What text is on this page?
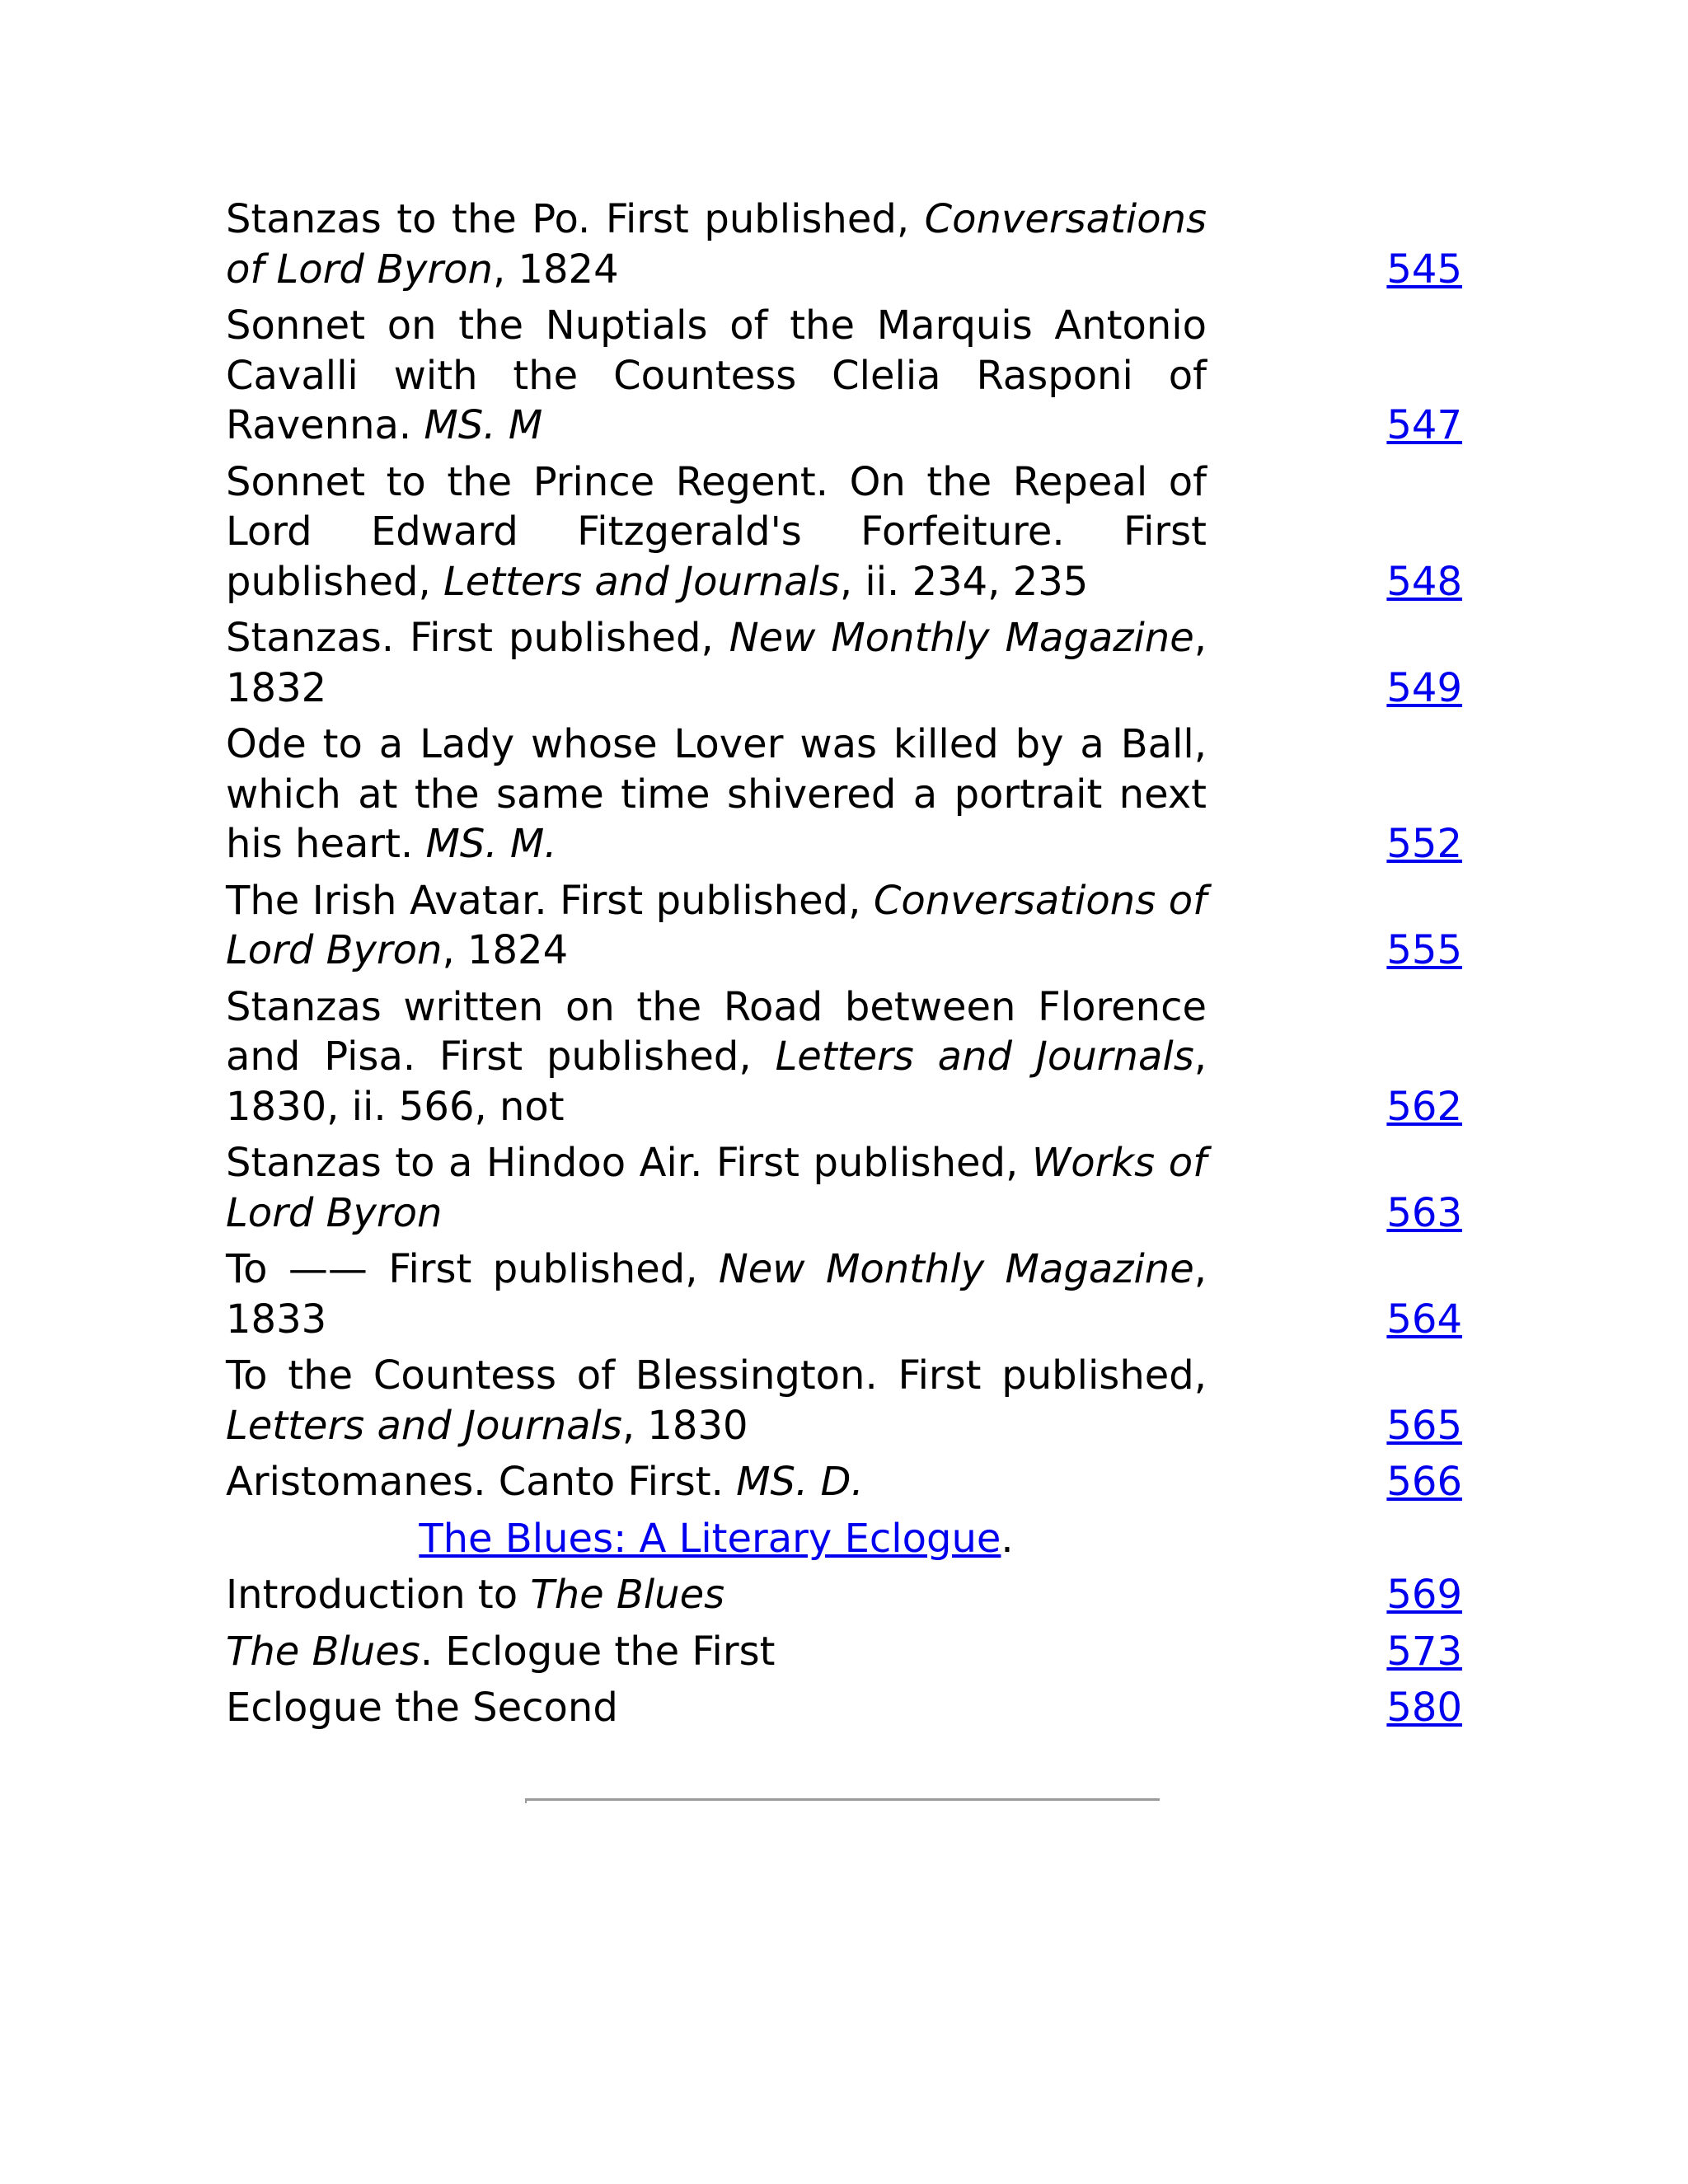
Stanzas to the Po. First published, Conversations of Lord Byron, 1824	545
Sonnet on the Nuptials of the Marquis Antonio Cavalli with the Countess Clelia Rasponi of Ravenna. MS. M	547
Sonnet to the Prince Regent. On the Repeal of Lord Edward Fitzgerald's Forfeiture. First published, Letters and Journals, ii. 234, 235	548
Stanzas. First published, New Monthly Magazine, 1832	549
Ode to a Lady whose Lover was killed by a Ball, which at the same time shivered a portrait next his heart. MS. M.	552
The Irish Avatar. First published, Conversations of Lord Byron, 1824	555
Stanzas written on the Road between Florence and Pisa. First published, Letters and Journals, 1830, ii. 566, not	562
Stanzas to a Hindoo Air. First published, Works of Lord Byron	563
To —— First published, New Monthly Magazine, 1833	564
To the Countess of Blessington. First published, Letters and Journals, 1830	565
Aristomanes. Canto First. MS. D.	566
The Blues: A Literary Eclogue.
Introduction to The Blues	569
The Blues. Eclogue the First	573
Eclogue the Second	580
